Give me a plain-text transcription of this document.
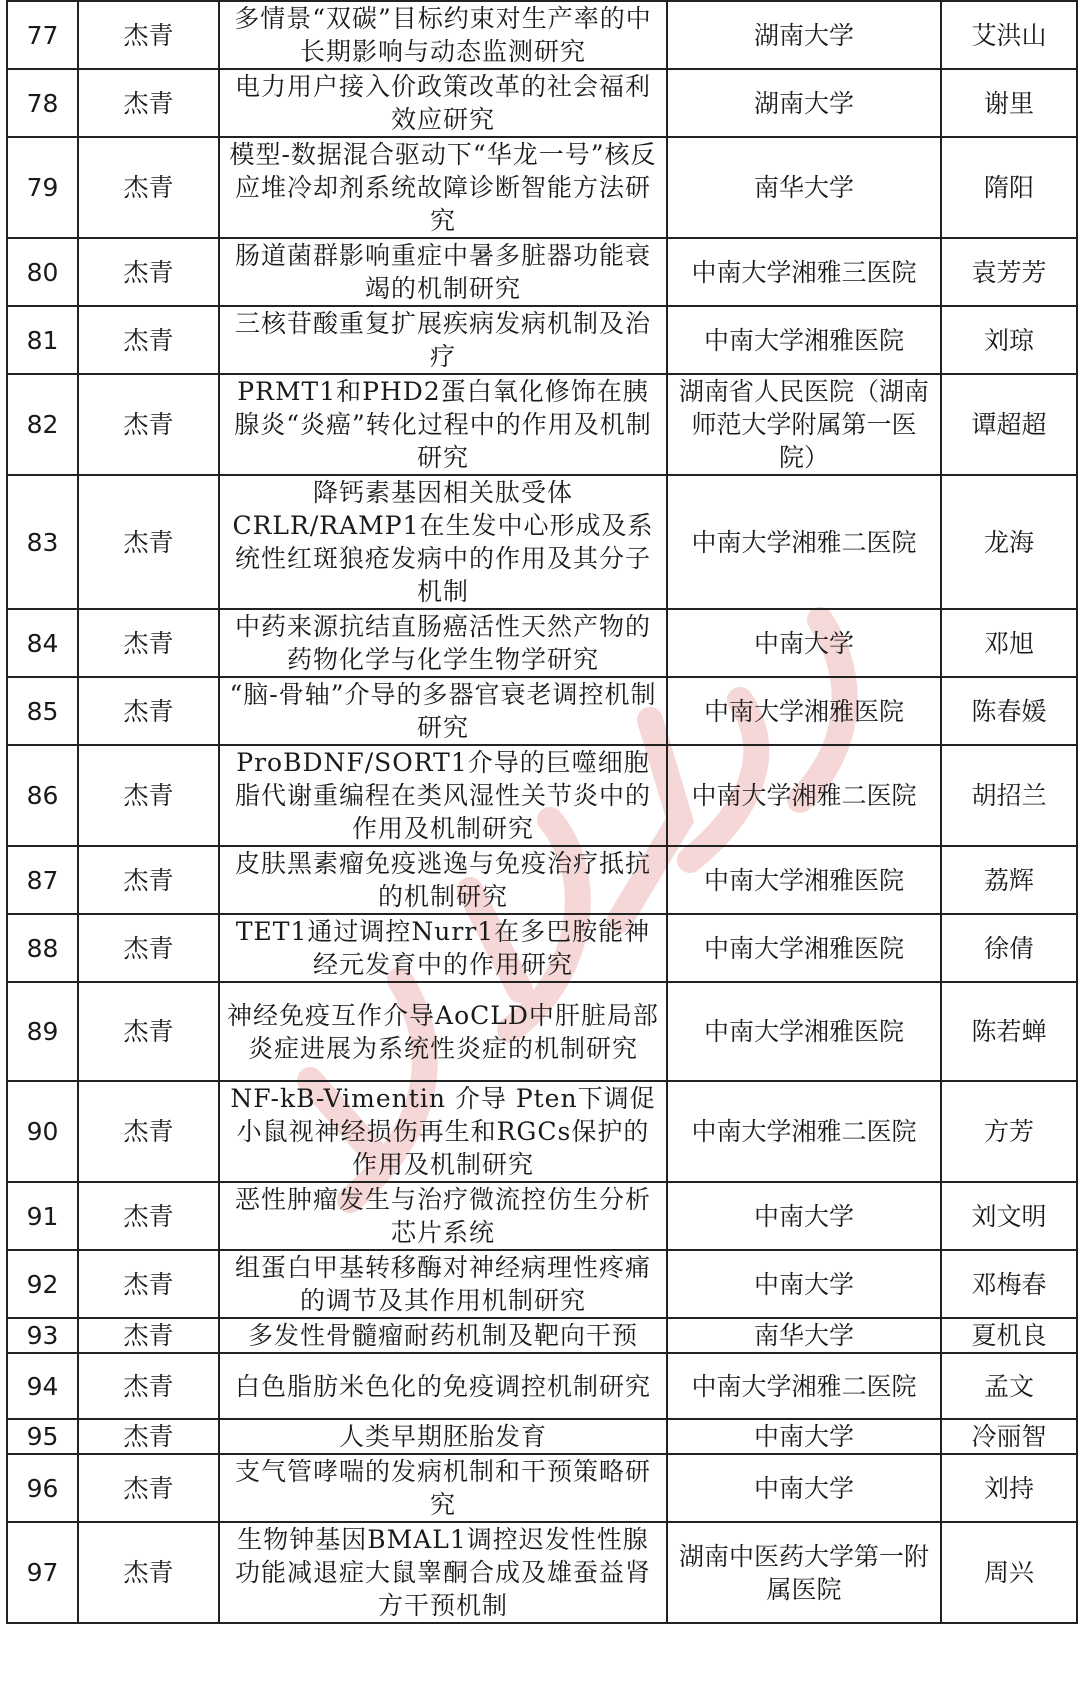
77	杰青	多情景“双碳”目标约束对生产率的中长期影响与动态监测研究	湖南大学	艾洪山
78	杰青	电力用户接入价政策改革的社会福利效应研究	湖南大学	谢里
79	杰青	模型-数据混合驱动下“华龙一号”核反应堆冷却剂系统故障诊断智能方法研究	南华大学	隋阳
80	杰青	肠道菌群影响重症中暑多脏器功能衰竭的机制研究	中南大学湘雅三医院	袁芳芳
81	杰青	三核苷酸重复扩展疾病发病机制及治疗	中南大学湘雅医院	刘琼
82	杰青	PRMT1和PHD2蛋白氧化修饰在胰腺炎“炎癌”转化过程中的作用及机制研究	湖南省人民医院（湖南师范大学附属第一医院）	谭超超
83	杰青	降钙素基因相关肽受体CRLR/RAMP1在生发中心形成及系统性红斑狼疮发病中的作用及其分子机制	中南大学湘雅二医院	龙海
84	杰青	中药来源抗结直肠癌活性天然产物的药物化学与化学生物学研究	中南大学	邓旭
85	杰青	“脑-骨轴”介导的多器官衰老调控机制研究	中南大学湘雅医院	陈春媛
86	杰青	ProBDNF/SORT1介导的巨噬细胞脂代谢重编程在类风湿性关节炎中的作用及机制研究	中南大学湘雅二医院	胡招兰
87	杰青	皮肤黑素瘤免疫逃逸与免疫治疗抵抗的机制研究	中南大学湘雅医院	荔辉
88	杰青	TET1通过调控Nurr1在多巴胺能神经元发育中的作用研究	中南大学湘雅医院	徐倩
89	杰青	神经免疫互作介导AoCLD中肝脏局部炎症进展为系统性炎症的机制研究	中南大学湘雅医院	陈若蝉
90	杰青	NF-kB-Vimentin 介导 Pten下调促小鼠视神经损伤再生和RGCs保护的作用及机制研究	中南大学湘雅二医院	方芳
91	杰青	恶性肿瘤发生与治疗微流控仿生分析芯片系统	中南大学	刘文明
92	杰青	组蛋白甲基转移酶对神经病理性疼痛的调节及其作用机制研究	中南大学	邓梅春
93	杰青	多发性骨髓瘤耐药机制及靶向干预	南华大学	夏机良
94	杰青	白色脂肪米色化的免疫调控机制研究	中南大学湘雅二医院	孟文
95	杰青	人类早期胚胎发育	中南大学	冷丽智
96	杰青	支气管哮喘的发病机制和干预策略研究	中南大学	刘持
97	杰青	生物钟基因BMAL1调控迟发性性腺功能减退症大鼠睾酮合成及雄蚕益肾方干预机制	湖南中医药大学第一附属医院	周兴
